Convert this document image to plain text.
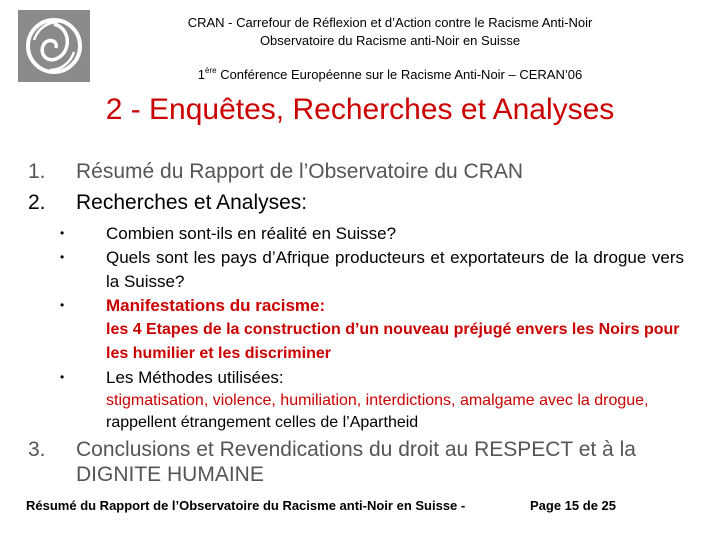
CRAN - Carrefour de Réflexion et d’Action contre le Racisme Anti-Noir
Observatoire du Racisme anti-Noir en Suisse
1ère Conférence Européenne sur le Racisme Anti-Noir – CERAN’06
2 - Enquêtes, Recherches et Analyses
1.	Résumé du Rapport de l’Observatoire du CRAN
2.	Recherches et Analyses:
•	Combien sont-ils en réalité en Suisse?
•	Quels sont les pays d’Afrique producteurs et exportateurs de la drogue vers la Suisse?
•	Manifestations du racisme:
les 4 Etapes de la construction d’un nouveau préjugé envers les Noirs pour les humilier et les discriminer
•	Les Méthodes utilisées:
stigmatisation, violence, humiliation, interdictions, amalgame avec la drogue, rappellent étrangement celles de l’Apartheid
3.	Conclusions et Revendications du droit au RESPECT et à la DIGNITE HUMAINE
Résumé du Rapport de l’Observatoire du Racisme anti-Noir en Suisse -	Page 15 de 25
